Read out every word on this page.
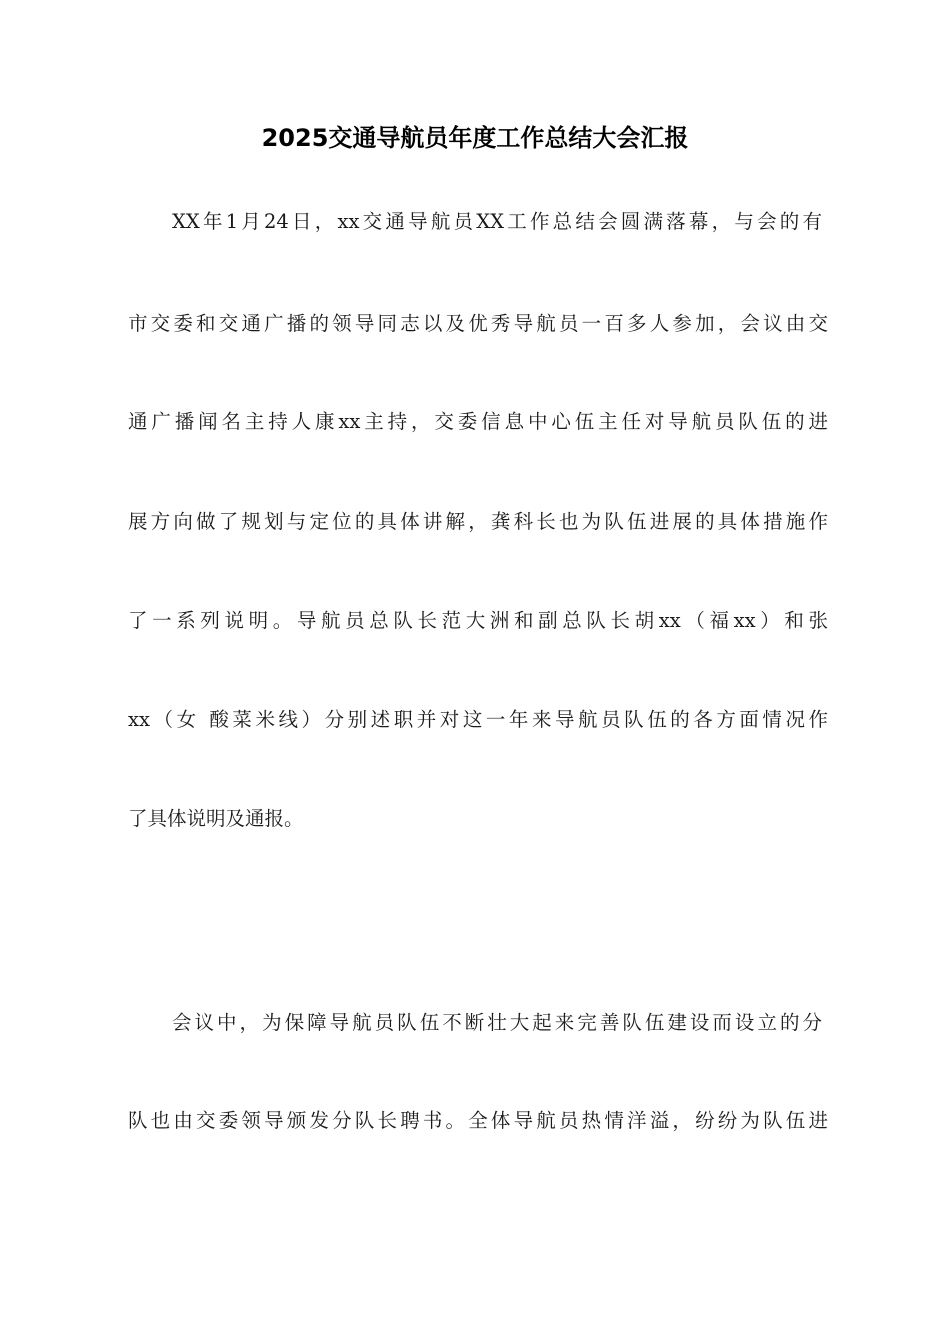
2025交通导航员年度工作总结大会汇报

XX年1月24日，xx交通导航员XX工作总结会圆满落幕，与会的有

市交委和交通广播的领导同志以及优秀导航员一百多人参加，会议由交

通广播闻名主持人康xx主持，交委信息中心伍主任对导航员队伍的进

展方向做了规划与定位的具体讲解，龚科长也为队伍进展的具体措施作

了一系列说明。导航员总队长范大洲和副总队长胡xx（福xx）和张

xx（女 酸菜米线）分别述职并对这一年来导航员队伍的各方面情况作

了具体说明及通报。

会议中，为保障导航员队伍不断壮大起来完善队伍建设而设立的分

队也由交委领导颁发分队长聘书。全体导航员热情洋溢，纷纷为队伍进
